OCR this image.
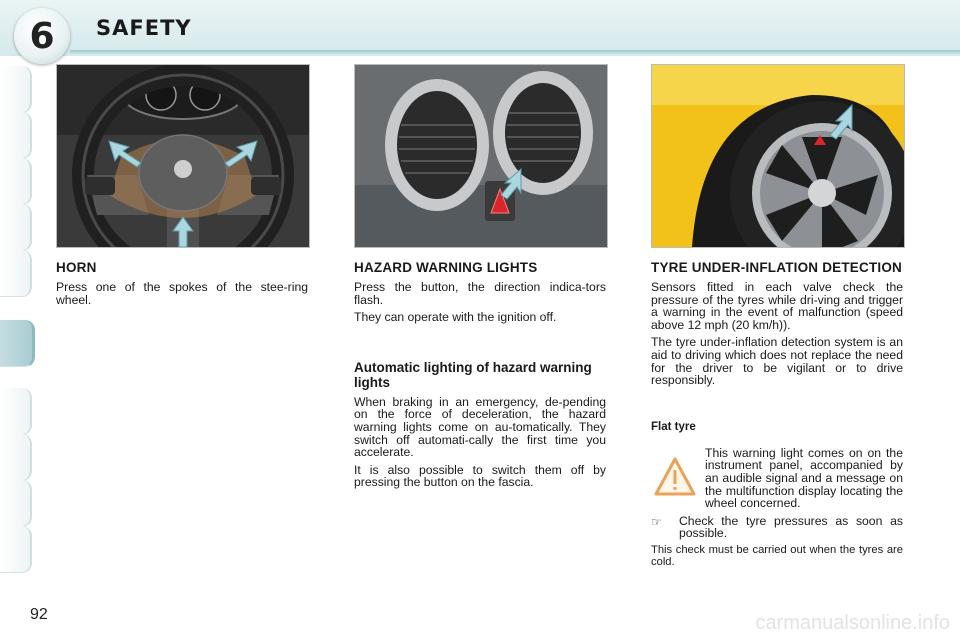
6	SAFETY
HORN

Press one of the spokes of the stee-ring wheel.

HAZARD WARNING LIGHTS

Press the button, the direction indica-tors flash.

They can operate with the ignition off.

Automatic lighting of hazard warning lights

When braking in an emergency, de-pending on the force of deceleration, the hazard warning lights come on au-tomatically. They switch off automati-cally the first time you accelerate.

It is also possible to switch them off by pressing the button on the fascia.

TYRE UNDER-INFLATION DETECTION

Sensors fitted in each valve check the pressure of the tyres while dri-ving and trigger a warning in the event of malfunction (speed above 12 mph (20 km/h)).

The tyre under-inflation detection system is an aid to driving which does not replace the need for the driver to be vigilant or to drive responsibly.

Flat tyre

This warning light comes on on the instrument panel, accompanied by an audible signal and a message on the multifunction display locating the wheel concerned.

☞	Check the tyre pressures as soon as possible.

This check must be carried out when the tyres are cold.

92	carmanualsonline.info
